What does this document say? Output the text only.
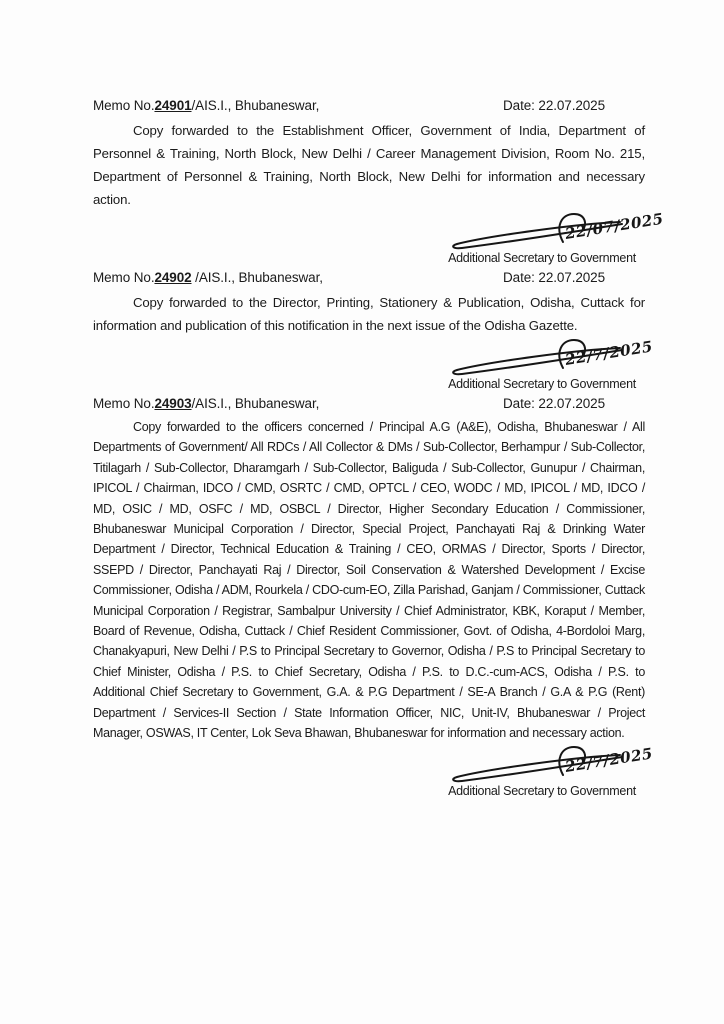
Memo No.24901/AIS.I., Bhubaneswar,	Date: 22.07.2025

Copy forwarded to the Establishment Officer, Government of India, Department of Personnel & Training, North Block, New Delhi / Career Management Division, Room No. 215, Department of Personnel & Training, North Block, New Delhi for information and necessary action.

22/07/2025
Additional Secretary to Government
Memo No.24902 /AIS.I., Bhubaneswar,	Date: 22.07.2025

Copy forwarded to the Director, Printing, Stationery & Publication, Odisha, Cuttack for information and publication of this notification in the next issue of the Odisha Gazette.

22/7/2025
Additional Secretary to Government
Memo No.24903/AIS.I., Bhubaneswar,	Date: 22.07.2025

Copy forwarded to the officers concerned / Principal A.G (A&E), Odisha, Bhubaneswar / All Departments of Government/ All RDCs / All Collector & DMs / Sub-Collector, Berhampur / Sub-Collector, Titilagarh / Sub-Collector, Dharamgarh / Sub-Collector, Baliguda / Sub-Collector, Gunupur / Chairman, IPICOL / Chairman, IDCO / CMD, OSRTC / CMD, OPTCL / CEO, WODC / MD, IPICOL / MD, IDCO / MD, OSIC / MD, OSFC / MD, OSBCL / Director, Higher Secondary Education / Commissioner, Bhubaneswar Municipal Corporation / Director, Special Project, Panchayati Raj & Drinking Water Department / Director, Technical Education & Training / CEO, ORMAS / Director, Sports / Director, SSEPD / Director, Panchayati Raj / Director, Soil Conservation & Watershed Development / Excise Commissioner, Odisha / ADM, Rourkela / CDO-cum-EO, Zilla Parishad, Ganjam / Commissioner, Cuttack Municipal Corporation / Registrar, Sambalpur University / Chief Administrator, KBK, Koraput / Member, Board of Revenue, Odisha, Cuttack / Chief Resident Commissioner, Govt. of Odisha, 4-Bordoloi Marg, Chanakyapuri, New Delhi / P.S to Principal Secretary to Governor, Odisha / P.S to Principal Secretary to Chief Minister, Odisha / P.S. to Chief Secretary, Odisha / P.S. to D.C.-cum-ACS, Odisha / P.S. to Additional Chief Secretary to Government, G.A. & P.G Department / SE-A Branch / G.A & P.G (Rent) Department / Services-II Section / State Information Officer, NIC, Unit-IV, Bhubaneswar / Project Manager, OSWAS, IT Center, Lok Seva Bhawan, Bhubaneswar for information and necessary action.

22/7/2025
Additional Secretary to Government
